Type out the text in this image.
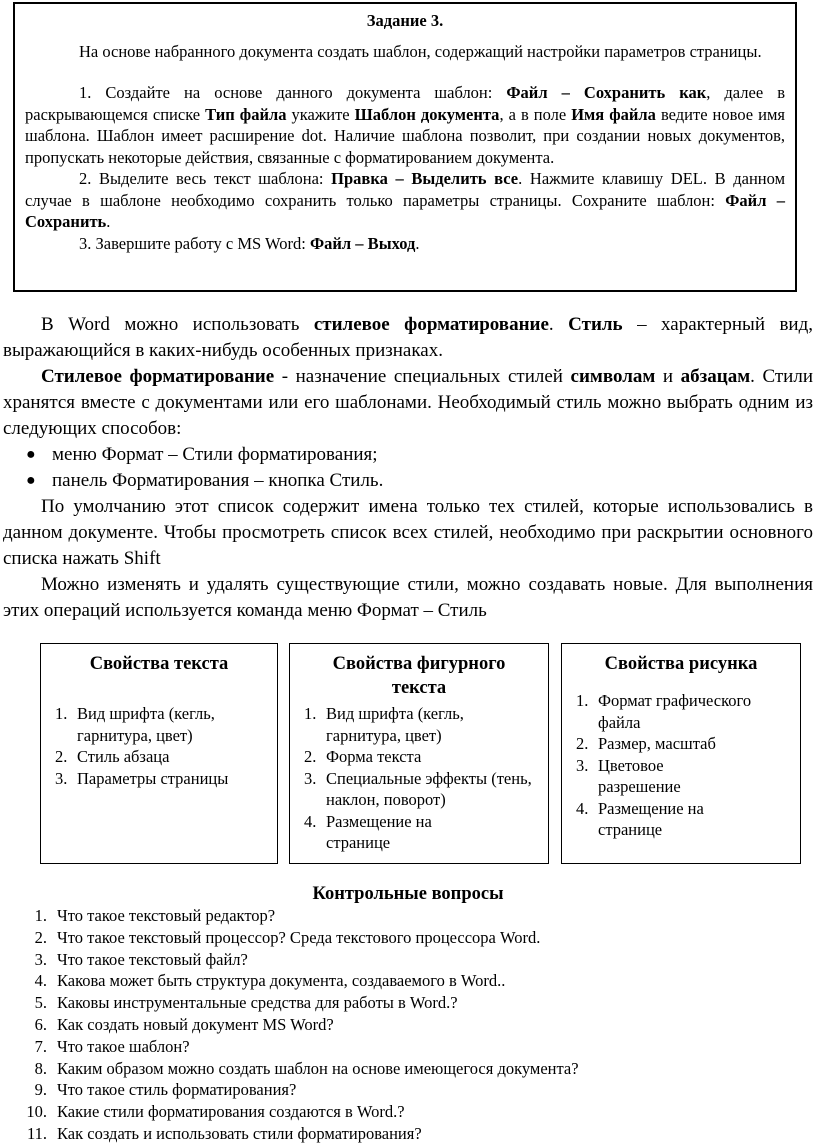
Задание 3.

На основе набранного документа создать шаблон, содержащий настройки параметров страницы.

1. Создайте на основе данного документа шаблон: Файл – Сохранить как, далее в раскрывающемся списке Тип файла укажите Шаблон документа, а в поле Имя файла ведите новое имя шаблона. Шаблон имеет расширение dot. Наличие шаблона позволит, при создании новых документов, пропускать некоторые действия, связанные с форматированием документа.

2. Выделите весь текст шаблона: Правка – Выделить все. Нажмите клавишу DEL. В данном случае в шаблоне необходимо сохранить только параметры страницы. Сохраните шаблон: Файл – Сохранить.

3. Завершите работу с MS Word: Файл – Выход.

В Word можно использовать стилевое форматирование. Стиль – характерный вид, выражающийся в каких-нибудь особенных признаках.

Стилевое форматирование - назначение специальных стилей символам и абзацам. Стили хранятся вместе с документами или его шаблонами. Необходимый стиль можно выбрать одним из следующих способов:

● меню Формат – Стили форматирования;
● панель Форматирования – кнопка Стиль.

По умолчанию этот список содержит имена только тех стилей, которые использовались в данном документе. Чтобы просмотреть список всех стилей, необходимо при раскрытии основного списка нажать Shift

Можно изменять и удалять существующие стили, можно создавать новые. Для выполнения этих операций используется команда меню Формат – Стиль

Свойства текста
1. Вид шрифта (кегль, гарнитура, цвет)
2. Стиль абзаца
3. Параметры страницы
Свойства фигурного текста
1. Вид шрифта (кегль, гарнитура, цвет)
2. Форма текста
3. Специальные эффекты (тень, наклон, поворот)
4. Размещение на странице
Свойства рисунка
1. Формат графического файла
2. Размер, масштаб
3. Цветовое разрешение
4. Размещение на странице
Контрольные вопросы
1. Что такое текстовый редактор?
2. Что такое текстовый процессор? Среда текстового процессора Word.
3. Что такое текстовый файл?
4. Какова может быть структура документа, создаваемого в Word..
5. Каковы инструментальные средства для работы в Word.?
6. Как создать новый документ MS Word?
7. Что такое шаблон?
8. Каким образом можно создать шаблон на основе имеющегося документа?
9. Что такое стиль форматирования?
10. Какие стили форматирования создаются в Word.?
11. Как создать и использовать стили форматирования?
